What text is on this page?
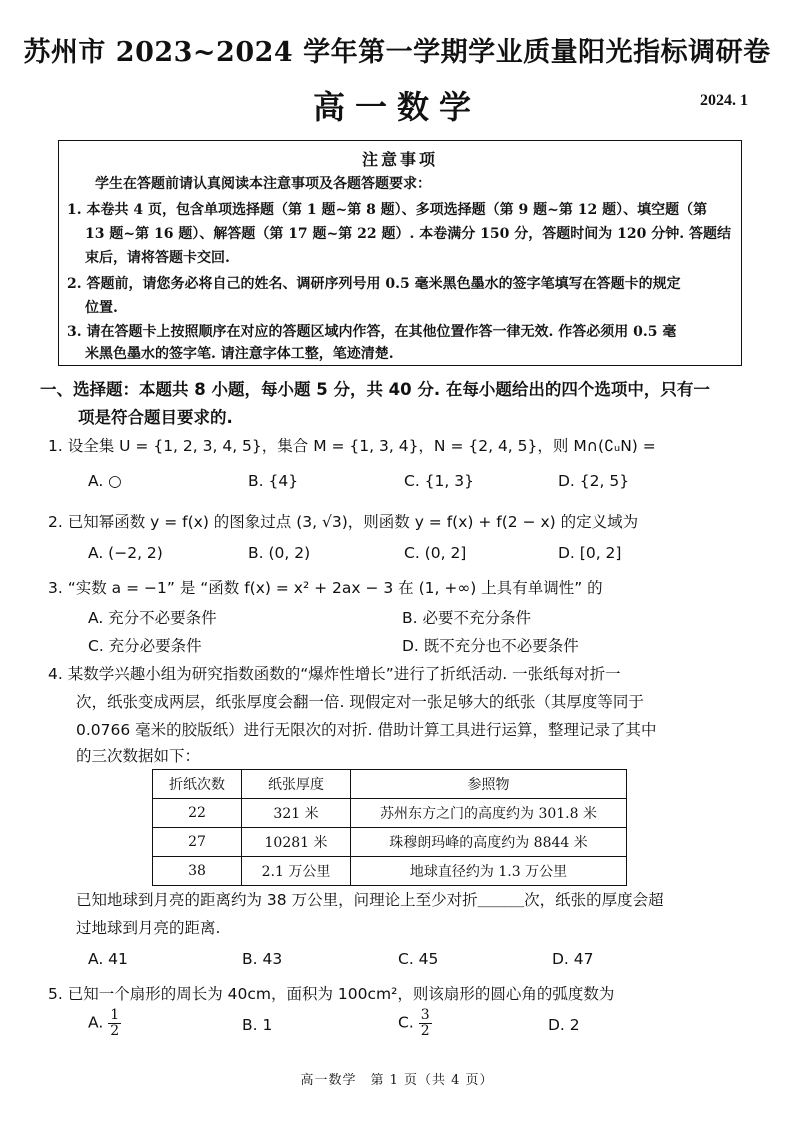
苏州市 2023~2024 学年第一学期学业质量阳光指标调研卷
高一数学	2024. 1
注意事项
学生在答题前请认真阅读本注意事项及各题答题要求：
1. 本卷共 4 页，包含单项选择题（第 1 题~第 8 题）、多项选择题（第 9 题~第 12 题）、填空题（第
13 题~第 16 题）、解答题（第 17 题~第 22 题）. 本卷满分 150 分，答题时间为 120 分钟. 答题结
束后，请将答题卡交回.
2. 答题前，请您务必将自己的姓名、调研序列号用 0.5 毫米黑色墨水的签字笔填写在答题卡的规定
位置.
3. 请在答题卡上按照顺序在对应的答题区域内作答，在其他位置作答一律无效. 作答必须用 0.5 毫
米黑色墨水的签字笔. 请注意字体工整，笔迹清楚.
一、选择题：本题共 8 小题，每小题 5 分，共 40 分. 在每小题给出的四个选项中，只有一
项是符合题目要求的.
1. 设全集 U = {1, 2, 3, 4, 5}，集合 M = {1, 3, 4}，N = {2, 4, 5}，则 M∩(∁ᵤN) =
A. ○	B. {4}	C. {1, 3}	D. {2, 5}
2. 已知幂函数 y = f(x) 的图象过点 (3, √3)，则函数 y = f(x) + f(2 − x) 的定义域为
A. (−2, 2)	B. (0, 2)	C. (0, 2]	D. [0, 2]
3. “实数 a = −1” 是 “函数 f(x) = x² + 2ax − 3 在 (1, +∞) 上具有单调性” 的
A. 充分不必要条件	B. 必要不充分条件
C. 充分必要条件	D. 既不充分也不必要条件
4. 某数学兴趣小组为研究指数函数的“爆炸性增长”进行了折纸活动. 一张纸每对折一
次，纸张变成两层，纸张厚度会翻一倍. 现假定对一张足够大的纸张（其厚度等同于
0.0766 毫米的胶版纸）进行无限次的对折. 借助计算工具进行运算，整理记录了其中
的三次数据如下：
折纸次数	纸张厚度	参照物
22	321 米	苏州东方之门的高度约为 301.8 米
27	10281 米	珠穆朗玛峰的高度约为 8844 米
38	2.1 万公里	地球直径约为 1.3 万公里
已知地球到月亮的距离约为 38 万公里，问理论上至少对折＿＿＿次，纸张的厚度会超
过地球到月亮的距离.
A. 41	B. 43	C. 45	D. 47
5. 已知一个扇形的周长为 40cm，面积为 100cm²，则该扇形的圆心角的弧度数为
A. $\frac{1}{2}$	B. 1	C. $\frac{3}{2}$	D. 2
高一数学　第 1 页（共 4 页）
